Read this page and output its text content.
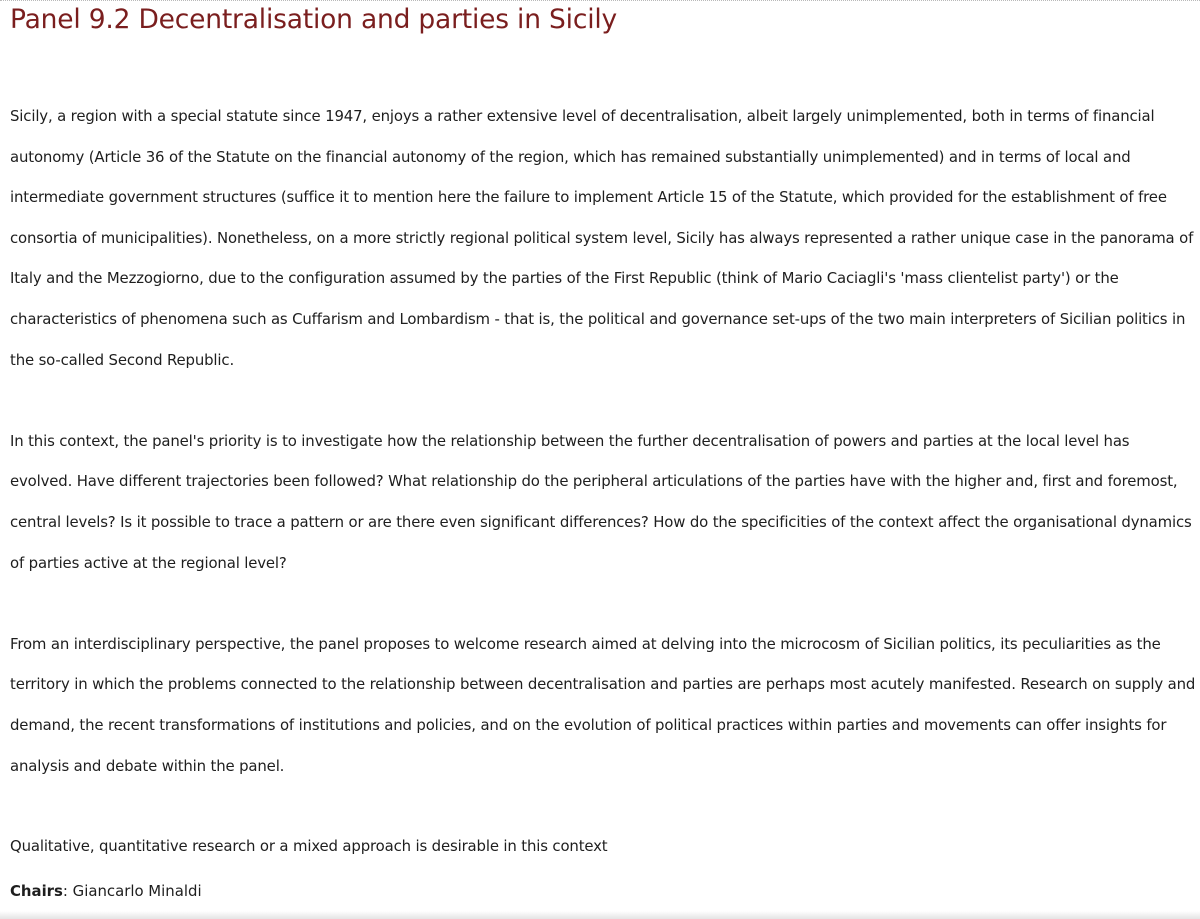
Panel 9.2 Decentralisation and parties in Sicily

Sicily, a region with a special statute since 1947, enjoys a rather extensive level of decentralisation, albeit largely unimplemented, both in terms of financial autonomy (Article 36 of the Statute on the financial autonomy of the region, which has remained substantially unimplemented) and in terms of local and intermediate government structures (suffice it to mention here the failure to implement Article 15 of the Statute, which provided for the establishment of free consortia of municipalities). Nonetheless, on a more strictly regional political system level, Sicily has always represented a rather unique case in the panorama of Italy and the Mezzogiorno, due to the configuration assumed by the parties of the First Republic (think of Mario Caciagli's 'mass clientelist party') or the characteristics of phenomena such as Cuffarism and Lombardism - that is, the political and governance set-ups of the two main interpreters of Sicilian politics in the so-called Second Republic.

In this context, the panel's priority is to investigate how the relationship between the further decentralisation of powers and parties at the local level has evolved. Have different trajectories been followed? What relationship do the peripheral articulations of the parties have with the higher and, first and foremost, central levels? Is it possible to trace a pattern or are there even significant differences? How do the specificities of the context affect the organisational dynamics of parties active at the regional level?

From an interdisciplinary perspective, the panel proposes to welcome research aimed at delving into the microcosm of Sicilian politics, its peculiarities as the territory in which the problems connected to the relationship between decentralisation and parties are perhaps most acutely manifested. Research on supply and demand, the recent transformations of institutions and policies, and on the evolution of political practices within parties and movements can offer insights for analysis and debate within the panel.

Qualitative, quantitative research or a mixed approach is desirable in this context

Chairs: Giancarlo Minaldi
